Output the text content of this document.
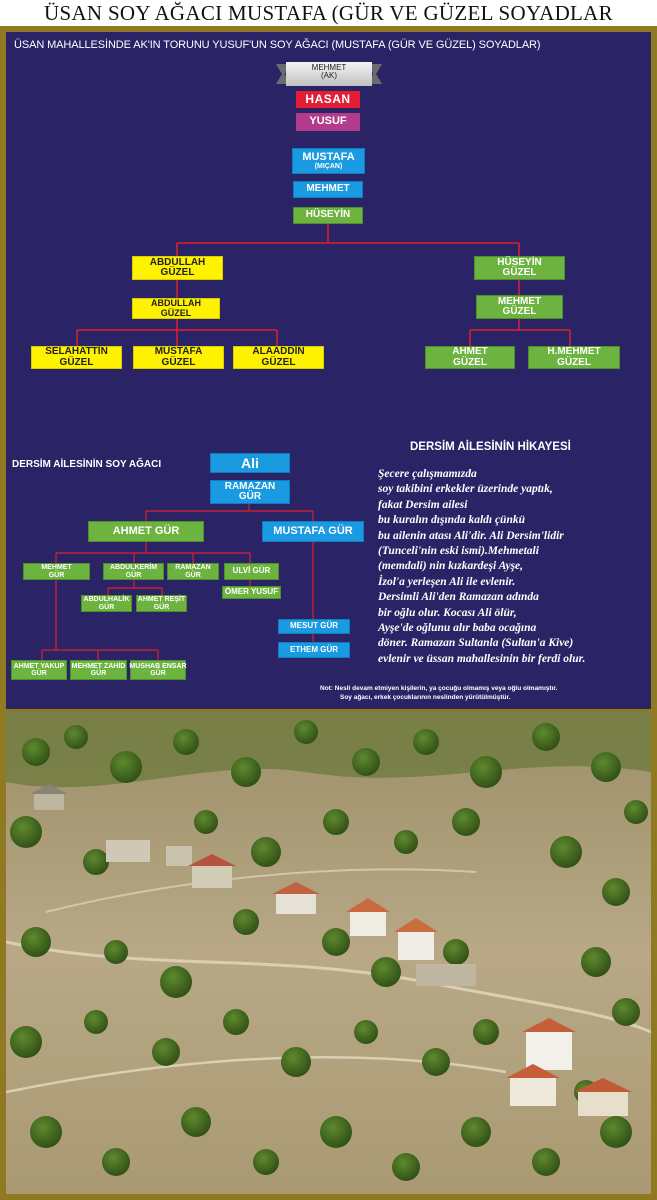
ÜSAN SOY AĞACI MUSTAFA (GÜR VE GÜZEL SOYADLAR
ÜSAN MAHALLESİNDE AK'IN TORUNU YUSUF'UN SOY AĞACI (MUSTAFA (GÜR VE GÜZEL) SOYADLAR)
MEHMET
(AK)
HASAN
YUSUF
MUSTAFA
(MIÇAN)
MEHMET
HÜSEYİN
ABDULLAH
GÜZEL
ABDULLAH
GÜZEL
SELAHATTİN
GÜZEL
MUSTAFA
GÜZEL
ALAADDİN
GÜZEL
HÜSEYİN
GÜZEL
MEHMET
GÜZEL
AHMET
GÜZEL
H.MEHMET
GÜZEL
DERSİM AİLESİNİN SOY AĞACI	Ali
RAMAZAN
GÜR
AHMET GÜR	MUSTAFA GÜR
MEHMET
GÜR
ABDULKERİM
GÜR
RAMAZAN
GÜR	ULVİ GÜR
ÖMER YUSUF
ABDULHALİK
GÜR
AHMET REŞİT
GÜR
MESUT GÜR
ETHEM GÜR
AHMET YAKUP
GÜR
MEHMET ZAHİD
GÜR
MUSHAB ENSAR
GÜR
DERSİM AİLESİNİN HİKAYESİ
Şecere çalışmamızda
soy takibini erkekler üzerinde yaptık,
fakat Dersim ailesi
bu kuralın dışında kaldı çünkü
bu ailenin atası Ali'dir. Ali Dersim'lidir
(Tunceli'nin eski ismi).Mehmetali
(memdali) nin kızkardeşi Ayşe,
İzol'a yerleşen Ali ile evlenir.
Dersimli Ali'den Ramazan adında
bir oğlu olur. Kocası Ali ölür,
Ayşe'de oğlunu alır baba ocağına
döner. Ramazan Sultanla (Sultan'a Kive)
evlenir ve üssan mahallesinin bir ferdi olur.
Not: Nesli devam etmiyen kişilerin, ya çocuğu olmamış veya oğlu olmamıştır.
Soy ağacı, erkek çocuklarının neslinden yürütülmüştür.
